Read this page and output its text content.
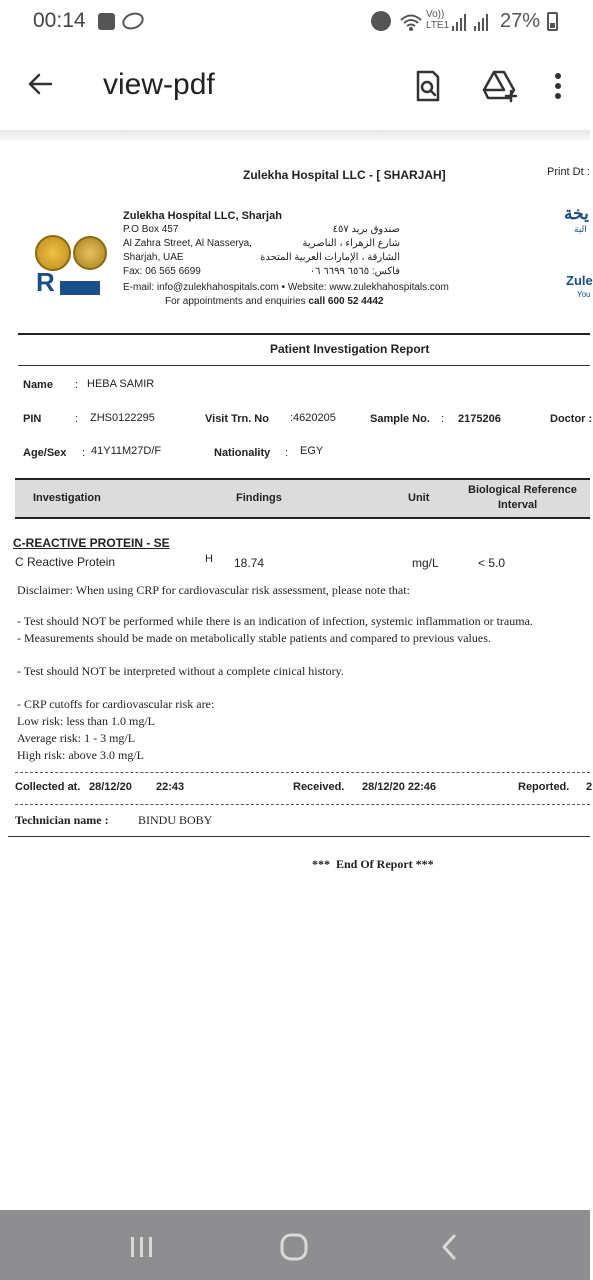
00:14	Vo)) LTE1	27%
view-pdf
Zulekha Hospital LLC - [ SHARJAH]	Print Dt :
R
Zulekha Hospital LLC, Sharjah
P.O Box 457
Al Zahra Street, Al Nasserya,
Sharjah, UAE
Fax: 06 565 6699
E-mail: info@zulekhahospitals.com • Website: www.zulekhahospitals.com
For appointments and enquiries call 600 52 4442
صندوق بريد ٤٥٧
شارع الزهراء ، الناصرية
الشارقة ، الإمارات العربية المتحدة
فاكس: ٦٥٦٥ ٦٦٩٩ ٠٦
يخة
الية
Zule
You
Patient Investigation Report
Name : HEBA SAMIR
PIN	: ZHS0122295	Visit Trn. No :4620205	Sample No. : 2175206	Doctor :
Age/Sex : 41Y11M27D/F	Nationality : EGY
Investigation	Findings	Unit
Biological Reference
Interval
C-REACTIVE PROTEIN - SE
C Reactive Protein	H 18.74	mg/L	< 5.0
Disclaimer: When using CRP for cardiovascular risk assessment, please note that:
- Test should NOT be performed while there is an indication of infection, systemic inflammation or trauma.
- Measurements should be made on metabolically stable patients and compared to previous values.
- Test should NOT be interpreted without a complete cinical history.
- CRP cutoffs for cardiovascular risk are:
Low risk: less than 1.0 mg/L
Average risk: 1 - 3 mg/L
High risk: above 3.0 mg/L
Collected at. 28/12/20 22:43	Received. 28/12/20 22:46	Reported. 2
Technician name : BINDU BOBY
*** End Of Report ***
